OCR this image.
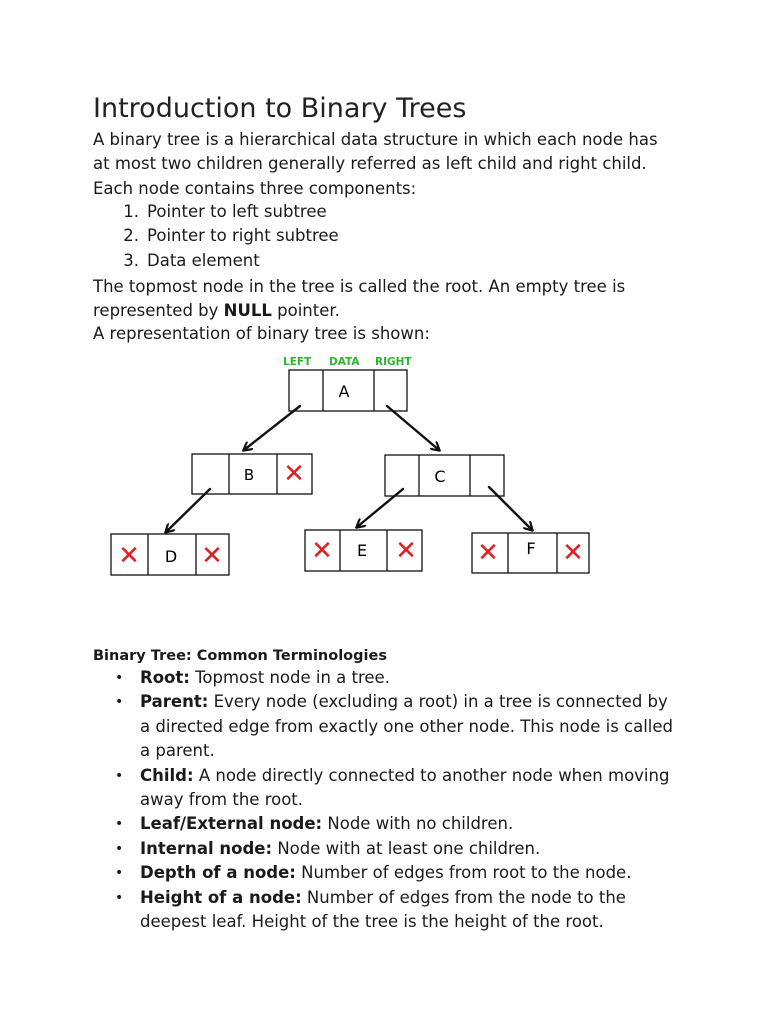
Introduction to Binary Trees

A binary tree is a hierarchical data structure in which each node has
at most two children generally referred as left child and right child.
Each node contains three components:

1. Pointer to left subtree
2. Pointer to right subtree
3. Data element

The topmost node in the tree is called the root. An empty tree is
represented by NULL pointer.

A representation of binary tree is shown:

LEFT DATA RIGHT
A
B ✕	C
✕ D ✕	✕ E ✕ ✕ F ✕
Binary Tree: Common Terminologies
• Root: Topmost node in a tree.
• Parent: Every node (excluding a root) in a tree is connected by a directed edge from exactly one other node. This node is called a parent.
• Child: A node directly connected to another node when moving away from the root.
• Leaf/External node: Node with no children.
• Internal node: Node with at least one children.
• Depth of a node: Number of edges from root to the node.
• Height of a node: Number of edges from the node to the deepest leaf. Height of the tree is the height of the root.
